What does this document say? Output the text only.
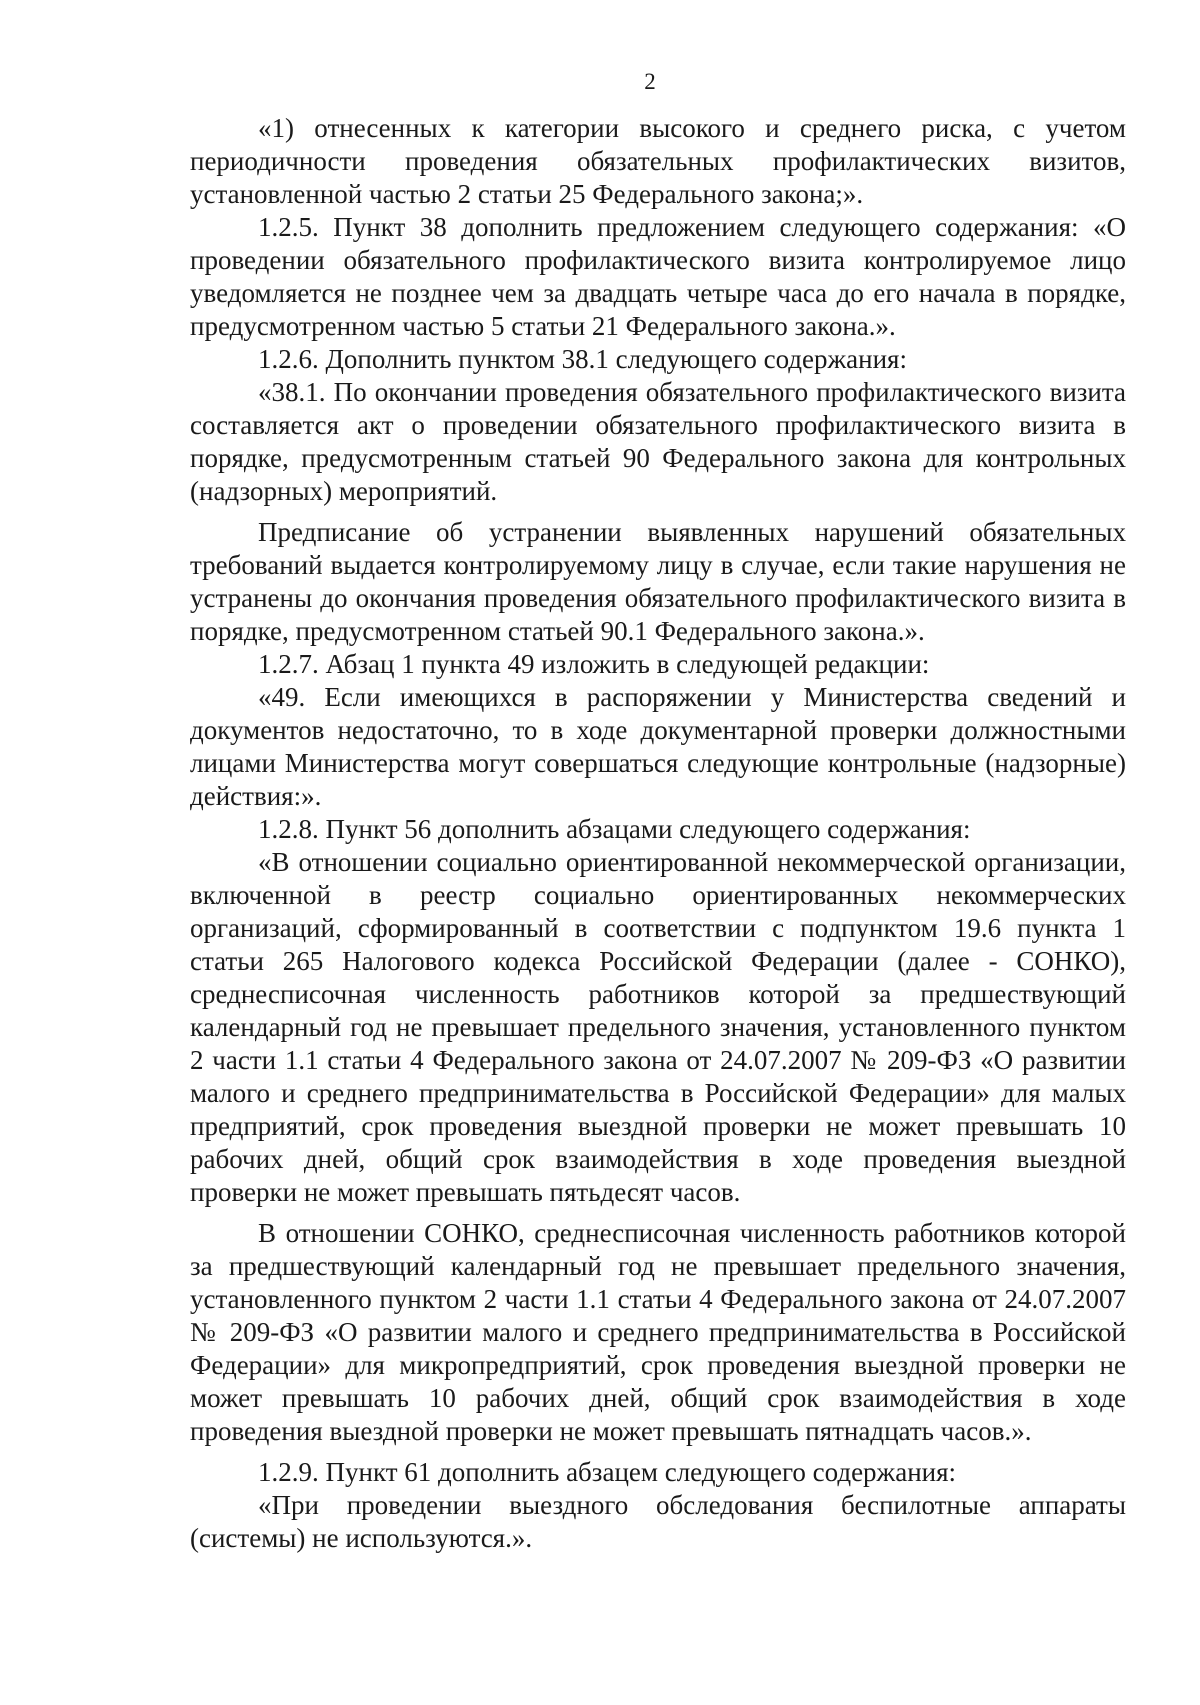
2

«1) отнесенных к категории высокого и среднего риска, с учетом периодичности проведения обязательных профилактических визитов, установленной частью 2 статьи 25 Федерального закона;».

1.2.5. Пункт 38 дополнить предложением следующего содержания: «О проведении обязательного профилактического визита контролируемое лицо уведомляется не позднее чем за двадцать четыре часа до его начала в порядке, предусмотренном частью 5 статьи 21 Федерального закона.».

1.2.6. Дополнить пунктом 38.1 следующего содержания:

«38.1. По окончании проведения обязательного профилактического визита составляется акт о проведении обязательного профилактического визита в порядке, предусмотренным статьей 90 Федерального закона для контрольных (надзорных) мероприятий.

Предписание об устранении выявленных нарушений обязательных требований выдается контролируемому лицу в случае, если такие нарушения не устранены до окончания проведения обязательного профилактического визита в порядке, предусмотренном статьей 90.1 Федерального закона.».

1.2.7. Абзац 1 пункта 49 изложить в следующей редакции:

«49. Если имеющихся в распоряжении у Министерства сведений и документов недостаточно, то в ходе документарной проверки должностными лицами Министерства могут совершаться следующие контрольные (надзорные) действия:».

1.2.8. Пункт 56 дополнить абзацами следующего содержания:

«В отношении социально ориентированной некоммерческой организации, включенной в реестр социально ориентированных некоммерческих организаций, сформированный в соответствии с подпунктом 19.6 пункта 1 статьи 265 Налогового кодекса Российской Федерации (далее - СОНКО), среднесписочная численность работников которой за предшествующий календарный год не превышает предельного значения, установленного пунктом 2 части 1.1 статьи 4 Федерального закона от 24.07.2007 № 209-ФЗ «О развитии малого и среднего предпринимательства в Российской Федерации» для малых предприятий, срок проведения выездной проверки не может превышать 10 рабочих дней, общий срок взаимодействия в ходе проведения выездной проверки не может превышать пятьдесят часов.

В отношении СОНКО, среднесписочная численность работников которой за предшествующий календарный год не превышает предельного значения, установленного пунктом 2 части 1.1 статьи 4 Федерального закона от 24.07.2007 № 209-ФЗ «О развитии малого и среднего предпринимательства в Российской Федерации» для микропредприятий, срок проведения выездной проверки не может превышать 10 рабочих дней, общий срок взаимодействия в ходе проведения выездной проверки не может превышать пятнадцать часов.».

1.2.9. Пункт 61 дополнить абзацем следующего содержания:

«При проведении выездного обследования беспилотные аппараты (системы) не используются.».
